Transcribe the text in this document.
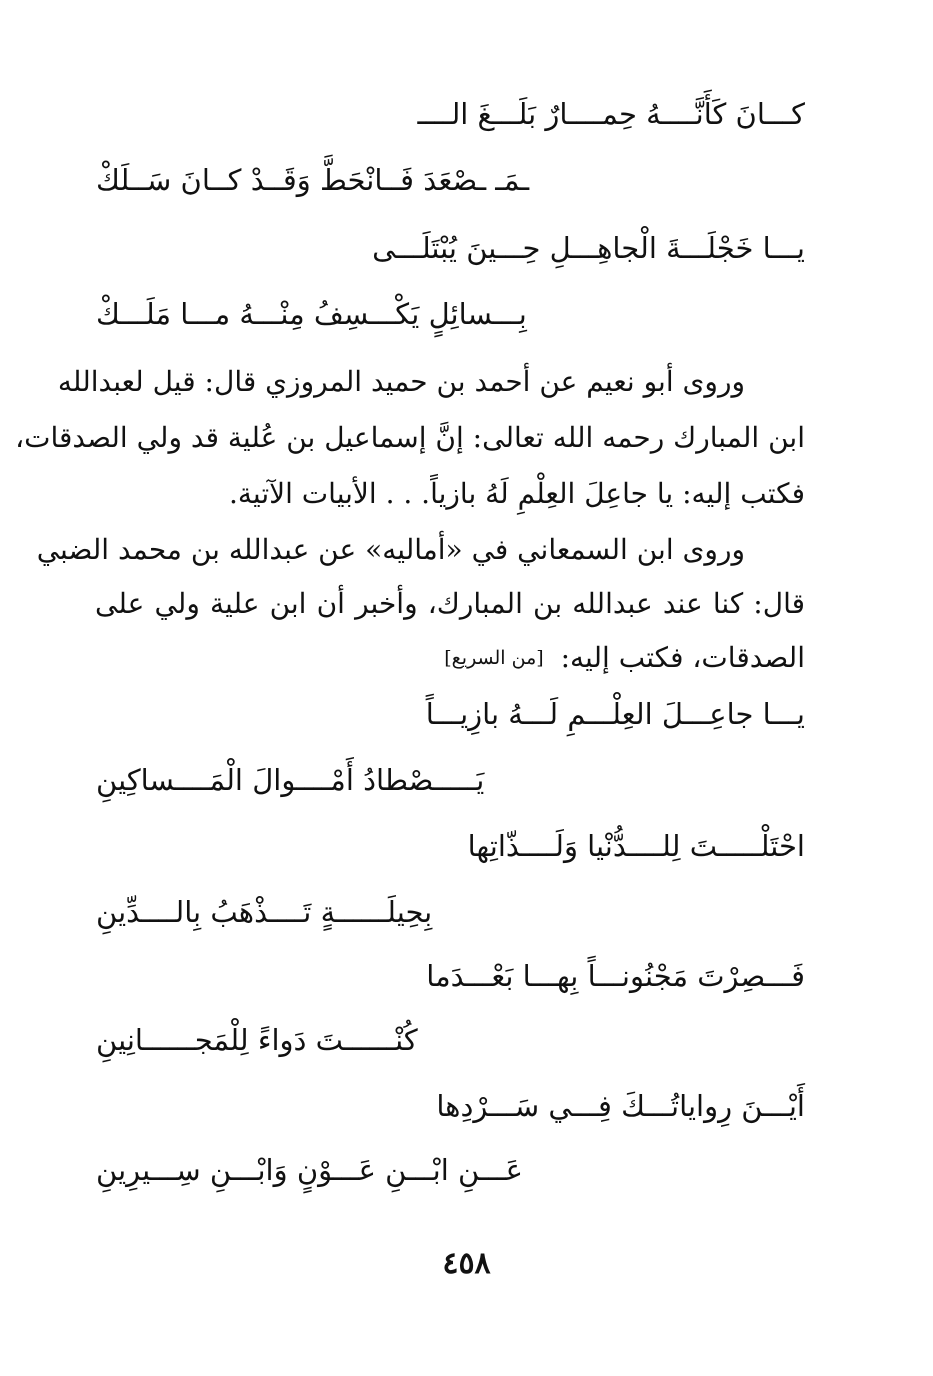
كـــانَ كَأَنَّــــهُ حِمــــارٌ بَلَـــغَ الــــ
ـمَـ ـصْعَدَ فَــانْحَطَّ وَقَــدْ كــانَ سَــلَكْ
يـــا خَجْلَـــةَ الْجاهِـــلِ حِـــينَ يُبْتَلَـــى
بِـــسائِلٍ يَكْـــسِفُ مِنْـــهُ مـــا مَلَـــكْ
وروى أبو نعيم عن أحمد بن حميد المروزي قال: قيل لعبدالله
ابن المبارك رحمه الله تعالى: إنَّ إسماعيل بن عُلية قد ولي الصدقات،
فكتب إليه: يا جاعِلَ العِلْمِ لَهُ بازياً. . . الأبيات الآتية.
وروى ابن السمعاني في «أماليه» عن عبدالله بن محمد الضبي
قال: كنا عند عبدالله بن المبارك، وأخبر أن ابن علية ولي على
الصدقات، فكتب إليه: [من السريع]
يـــا جاعِـــلَ العِلْـــمِ لَـــهُ بازِيـــاً
يَـــــصْطادُ أَمْــــوالَ الْمَــــساكِينِ
احْتَلْـــــتَ لِلــــدُّنْيا وَلَــــذّاتِها
بِحِيلَــــــةٍ تَــــذْهَبُ بِالــــدِّينِ
فَـــصِرْتَ مَجْنُونـــاً بِهـــا بَعْـــدَما
كُنْــــــتَ دَواءً لِلْمَجــــــانِينِ
أَيْـــنَ رِواياتُـــكَ فِـــي سَـــرْدِها
عَـــنِ ابْـــنِ عَـــوْنٍ وَابْـــنِ سِـــيرِينِ
٤٥٨
